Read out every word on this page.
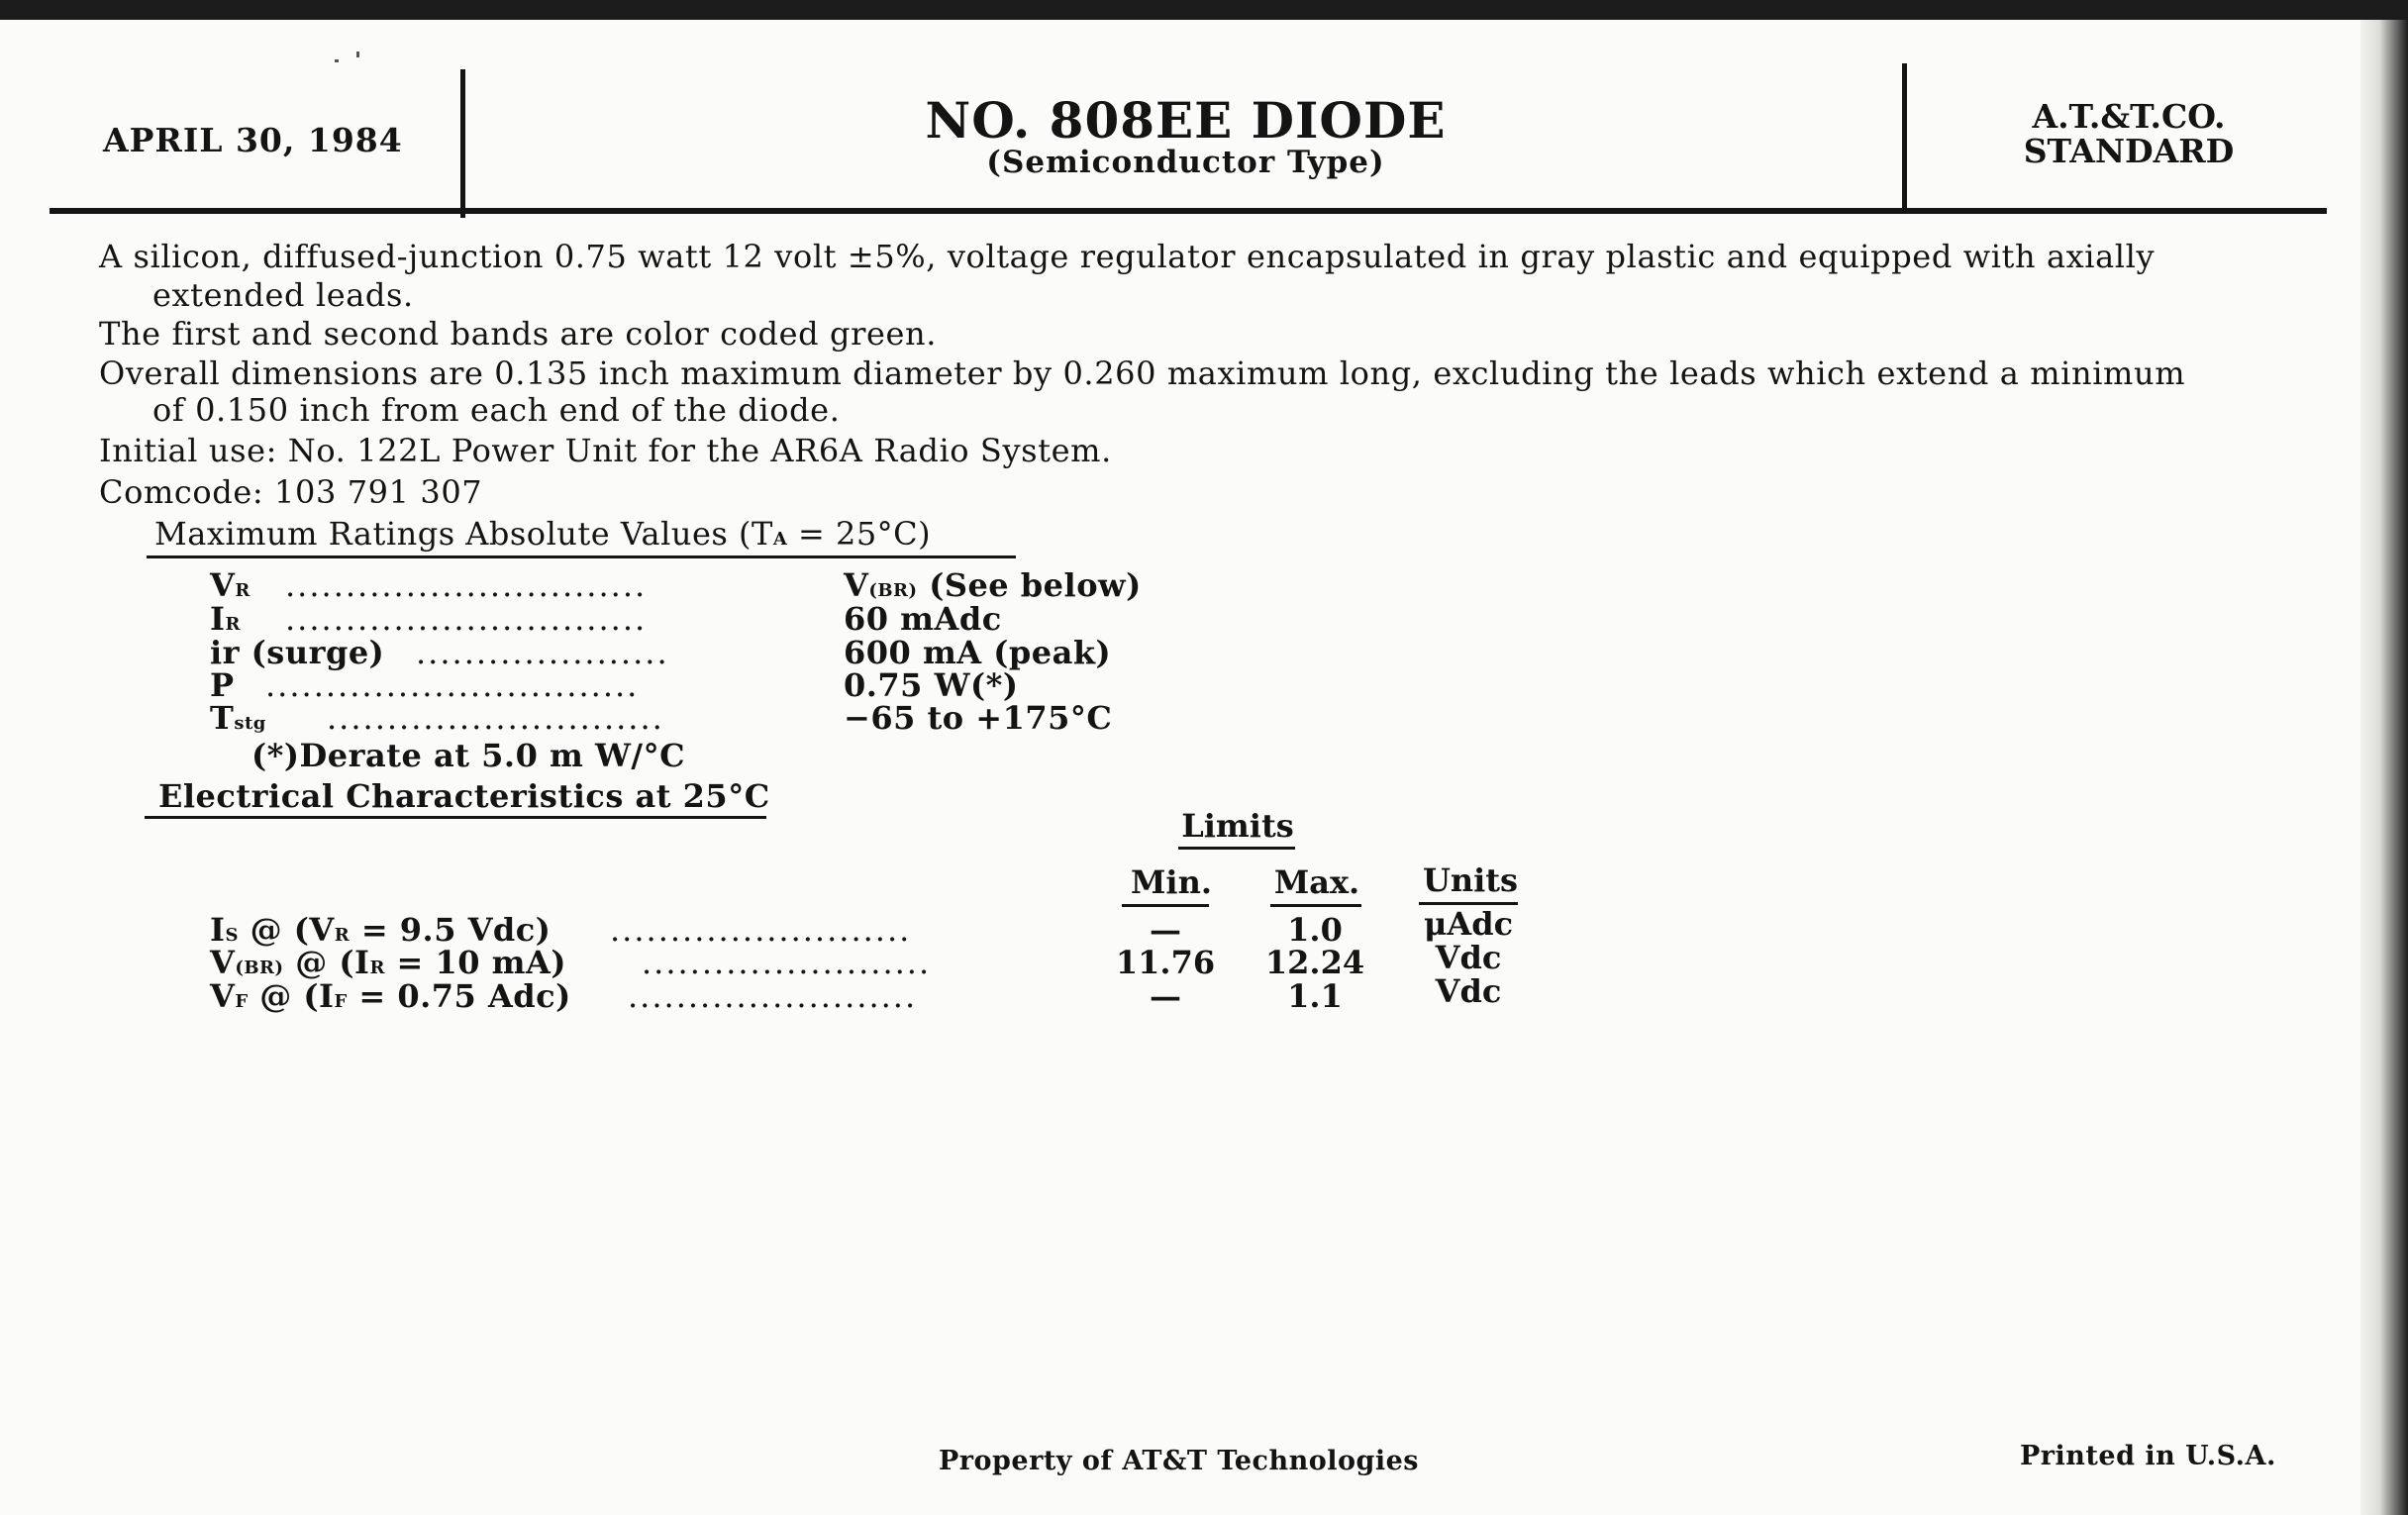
APRIL 30, 1984	NO. 808EE DIODE
(Semiconductor Type)
A.T.&T.CO.
STANDARD
A silicon, diffused-junction 0.75 watt 12 volt ±5%, voltage regulator encapsulated in gray plastic and equipped with axially
extended leads.
The first and second bands are color coded green.
Overall dimensions are 0.135 inch maximum diameter by 0.260 maximum long, excluding the leads which extend a minimum
of 0.150 inch from each end of the diode.
Initial use: No. 122L Power Unit for the AR6A Radio System.
Comcode: 103 791 307
Maximum Ratings Absolute Values (TA = 25°C)
VR ..............................	V(BR) (See below)
IR ..............................	60 mAdc
ir (surge) .....................	600 mA (peak)
P ...............................	0.75 W(*)
Tstg ............................	−65 to +175°C
(*)Derate at 5.0 m W/°C
Electrical Characteristics at 25°C
Limits
Min. Max. Units
IS @ (VR = 9.5 Vdc) .........................	—	1.0	μAdc
V(BR) @ (IR = 10 mA) ........................	11.76	12.24	Vdc
VF @ (IF = 0.75 Adc) ........................	—	1.1	Vdc
Property of AT&T Technologies	Printed in U.S.A.
